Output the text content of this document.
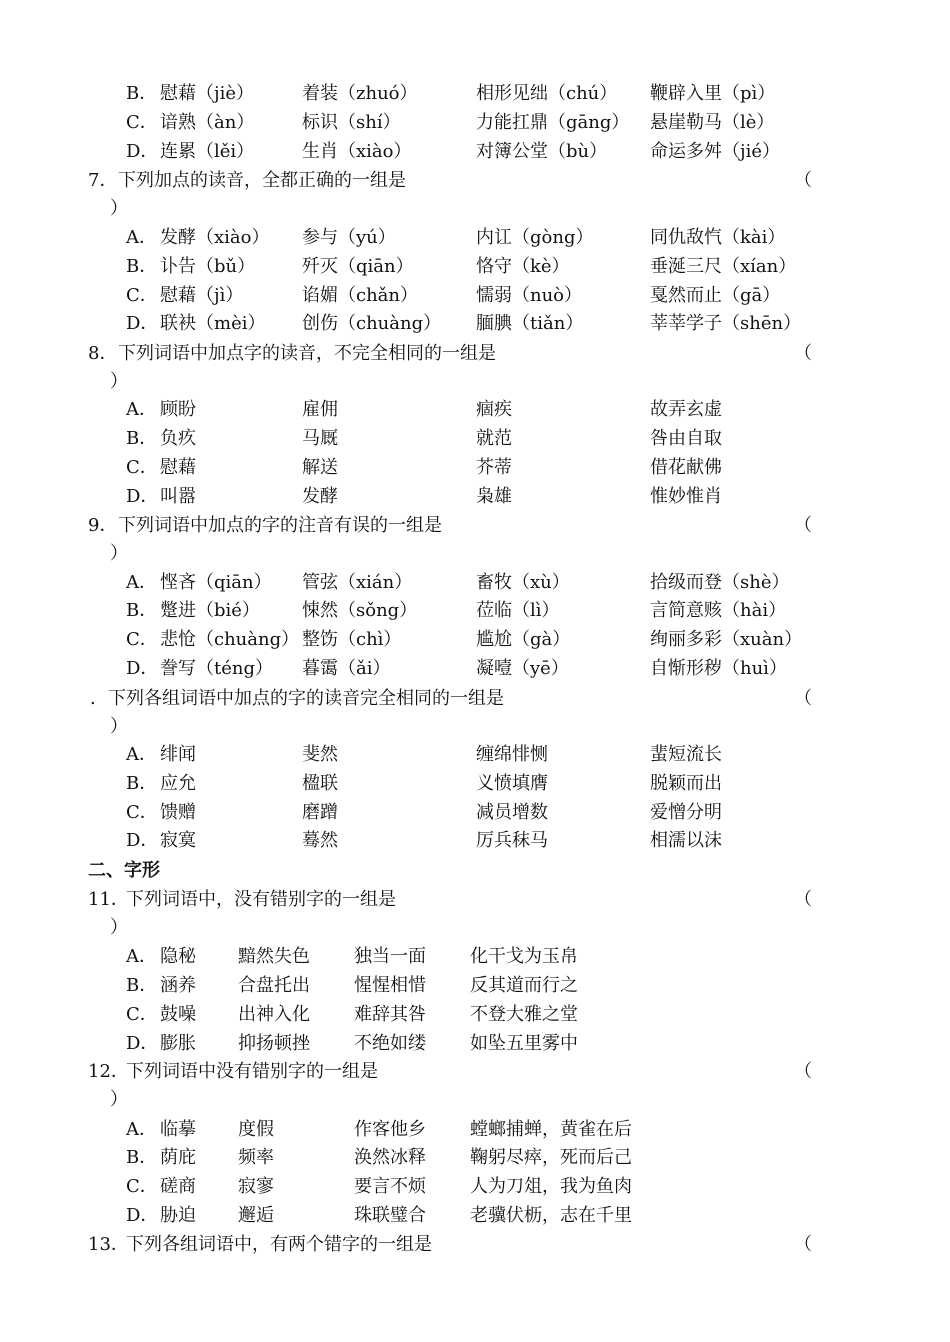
B． 慰藉（jiè）	着装（zhuó）	相形见绌（chú） 鞭辟入里（pì）
C． 谙熟（àn）	标识（shí）	力能扛鼎（gāng） 悬崖勒马（lè）
D． 连累（lěi）	生肖（xiào）	对簿公堂（bù） 命运多舛（jié）
7． 下列加点的读音，全都正确的一组是	（
）
A． 发酵（xiào） 参与（yú）	内讧（gòng）	同仇敌忾（kài）
B． 讣告（bǔ）	歼灭（qiān）	恪守（kè）	垂涎三尺（xían）
C． 慰藉（jì）	谄媚（chǎn）	懦弱（nuò）	戛然而止（gā）
D． 联袂（mèi） 创伤（chuàng） 腼腆（tiǎn）	莘莘学子（shēn）
8． 下列词语中加点字的读音，不完全相同的一组是	（
）
A． 顾盼	雇佣	痼疾	故弄玄虚
B． 负疚	马厩	就范	咎由自取
C． 慰藉	解送	芥蒂	借花献佛
D． 叫嚣	发酵	枭雄	惟妙惟肖
9． 下列词语中加点的字的注音有误的一组是	（
）
A． 悭吝（qiān） 管弦（xián）	畜牧（xù）	拾级而登（shè）
B． 蹩进（bié） 悚然（sǒng）	莅临（lì）	言简意赅（hài）
C． 悲怆（chuàng） 整饬（chì）	尴尬（gà）	绚丽多彩（xuàn）
D． 誊写（téng） 暮霭（ǎi）	凝噎（yē）	自惭形秽（huì）
. 下列各组词语中加点的字的读音完全相同的一组是	（
）
A． 绯闻	斐然	缠绵悱恻	蜚短流长
B． 应允	楹联	义愤填膺	脱颖而出
C． 馈赠	磨蹭	减员增数	爱憎分明
D． 寂寞	蓦然	厉兵秣马	相濡以沫
二、字形
11．
下列词语中，没有错别字的一组是	（
）
A． 隐秘 黯然失色 独当一面 化干戈为玉帛
B． 涵养 合盘托出 惺惺相惜 反其道而行之
C． 鼓噪 出神入化 难辞其咎 不登大雅之堂
D． 膨胀 抑扬顿挫 不绝如缕 如坠五里雾中
12．
下列词语中没有错别字的一组是	（
）
A． 临摹 度假	作客他乡 螳螂捕蝉，黄雀在后
B． 荫庇 频率	涣然冰释 鞠躬尽瘁，死而后己
C． 磋商 寂寥	要言不烦 人为刀俎，我为鱼肉
D． 胁迫 邂逅	珠联璧合 老骥伏枥，志在千里
13．
下列各组词语中，有两个错字的一组是	（
